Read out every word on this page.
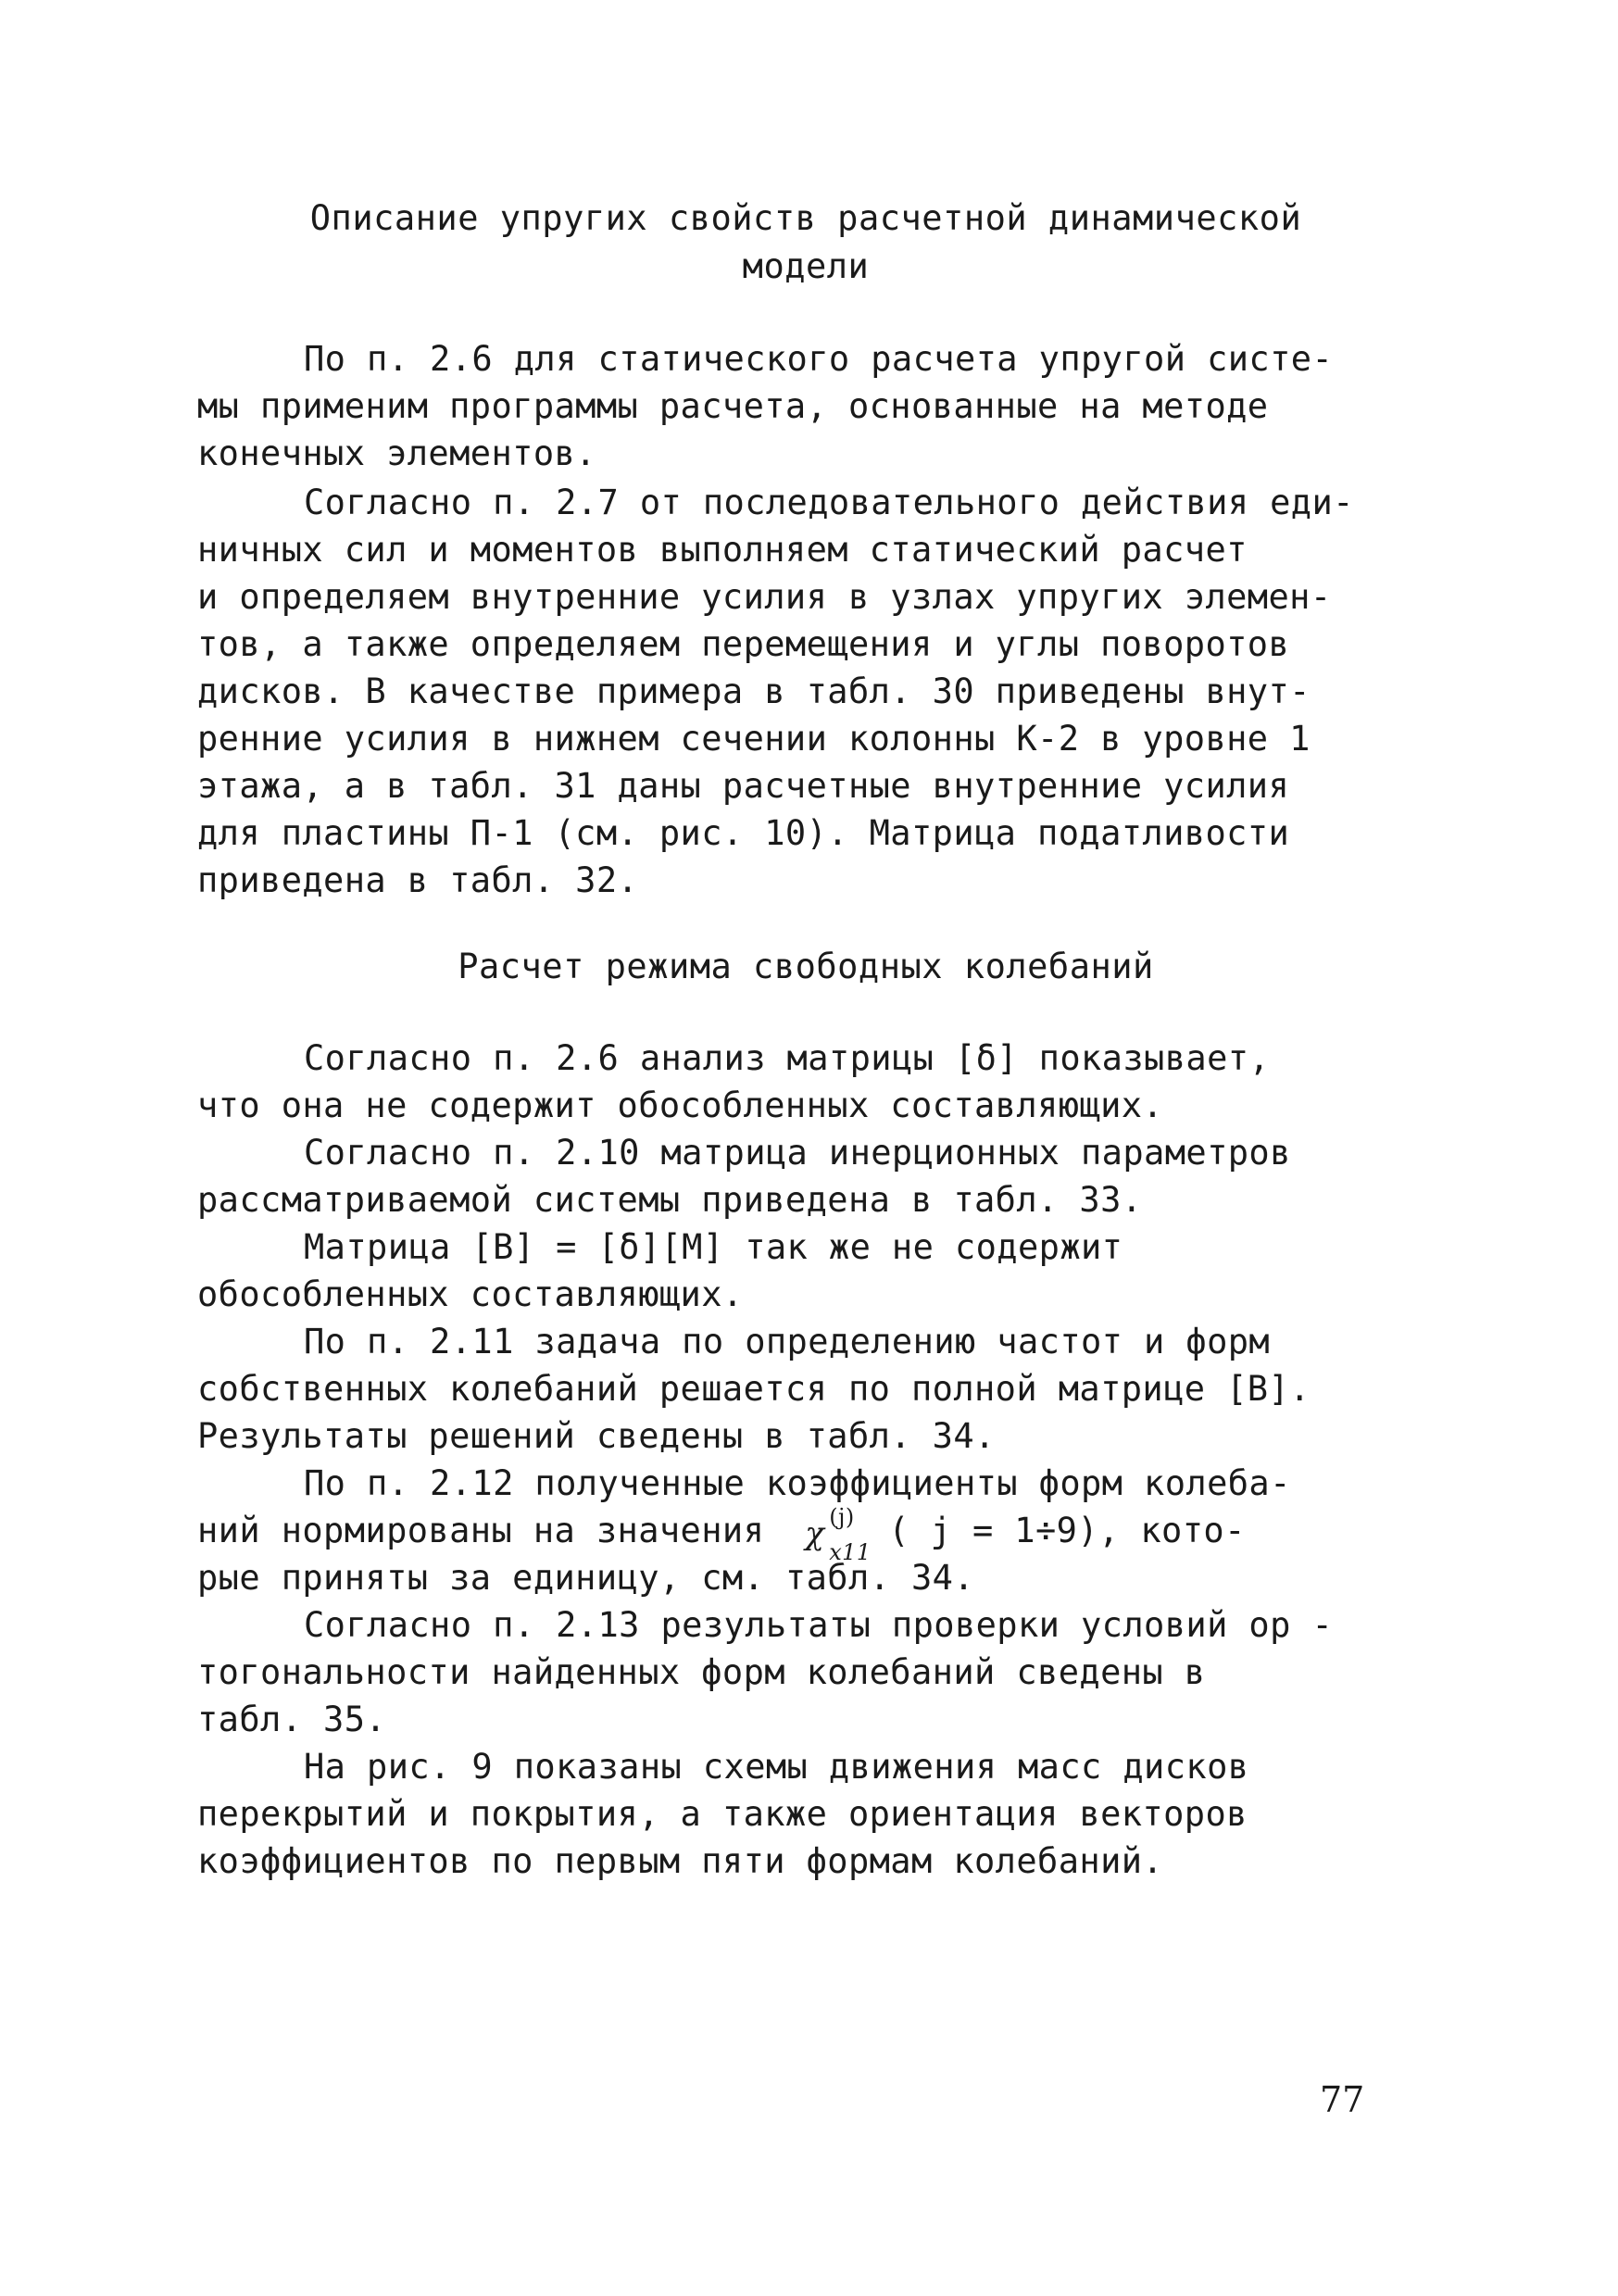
Описание упругих свойств расчетной динамической
модели
По п. 2.6 для статического расчета упругой систе-
мы применим программы расчета, основанные на методе
конечных элементов.
Согласно п. 2.7 от последовательного действия еди-
ничных сил и моментов выполняем статический расчет
и определяем внутренние усилия в узлах упругих элемен-
тов, а также определяем перемещения и углы поворотов
дисков. В качестве примера в табл. 30 приведены внут-
ренние усилия в нижнем сечении колонны К-2 в уровне 1
этажа, а в табл. 31 даны расчетные внутренние усилия
для пластины П-1 (см. рис. 10). Матрица податливости
приведена в табл. 32.
Расчет режима свободных колебаний
Согласно п. 2.6 анализ матрицы [δ] показывает,
что она не содержит обособленных составляющих.
Согласно п. 2.10 матрица инерционных параметров
рассматриваемой системы приведена в табл. 33.
Матрица [B] = [δ][M] так же не содержит
обособленных составляющих.
По п. 2.11 задача по определению частот и форм
собственных колебаний решается по полной матрице [B].
Результаты решений сведены в табл. 34.
По п. 2.12 полученные коэффициенты форм колеба-
ний нормированы на значения χ (j)
x11
( j = 1÷9), кото-
рые приняты за единицу, см. табл. 34.
Согласно п. 2.13 результаты проверки условий ор -
тогональности найденных форм колебаний сведены в
табл. 35.
На рис. 9 показаны схемы движения масс дисков
перекрытий и покрытия, а также ориентация векторов
коэффициентов по первым пяти формам колебаний.

77
